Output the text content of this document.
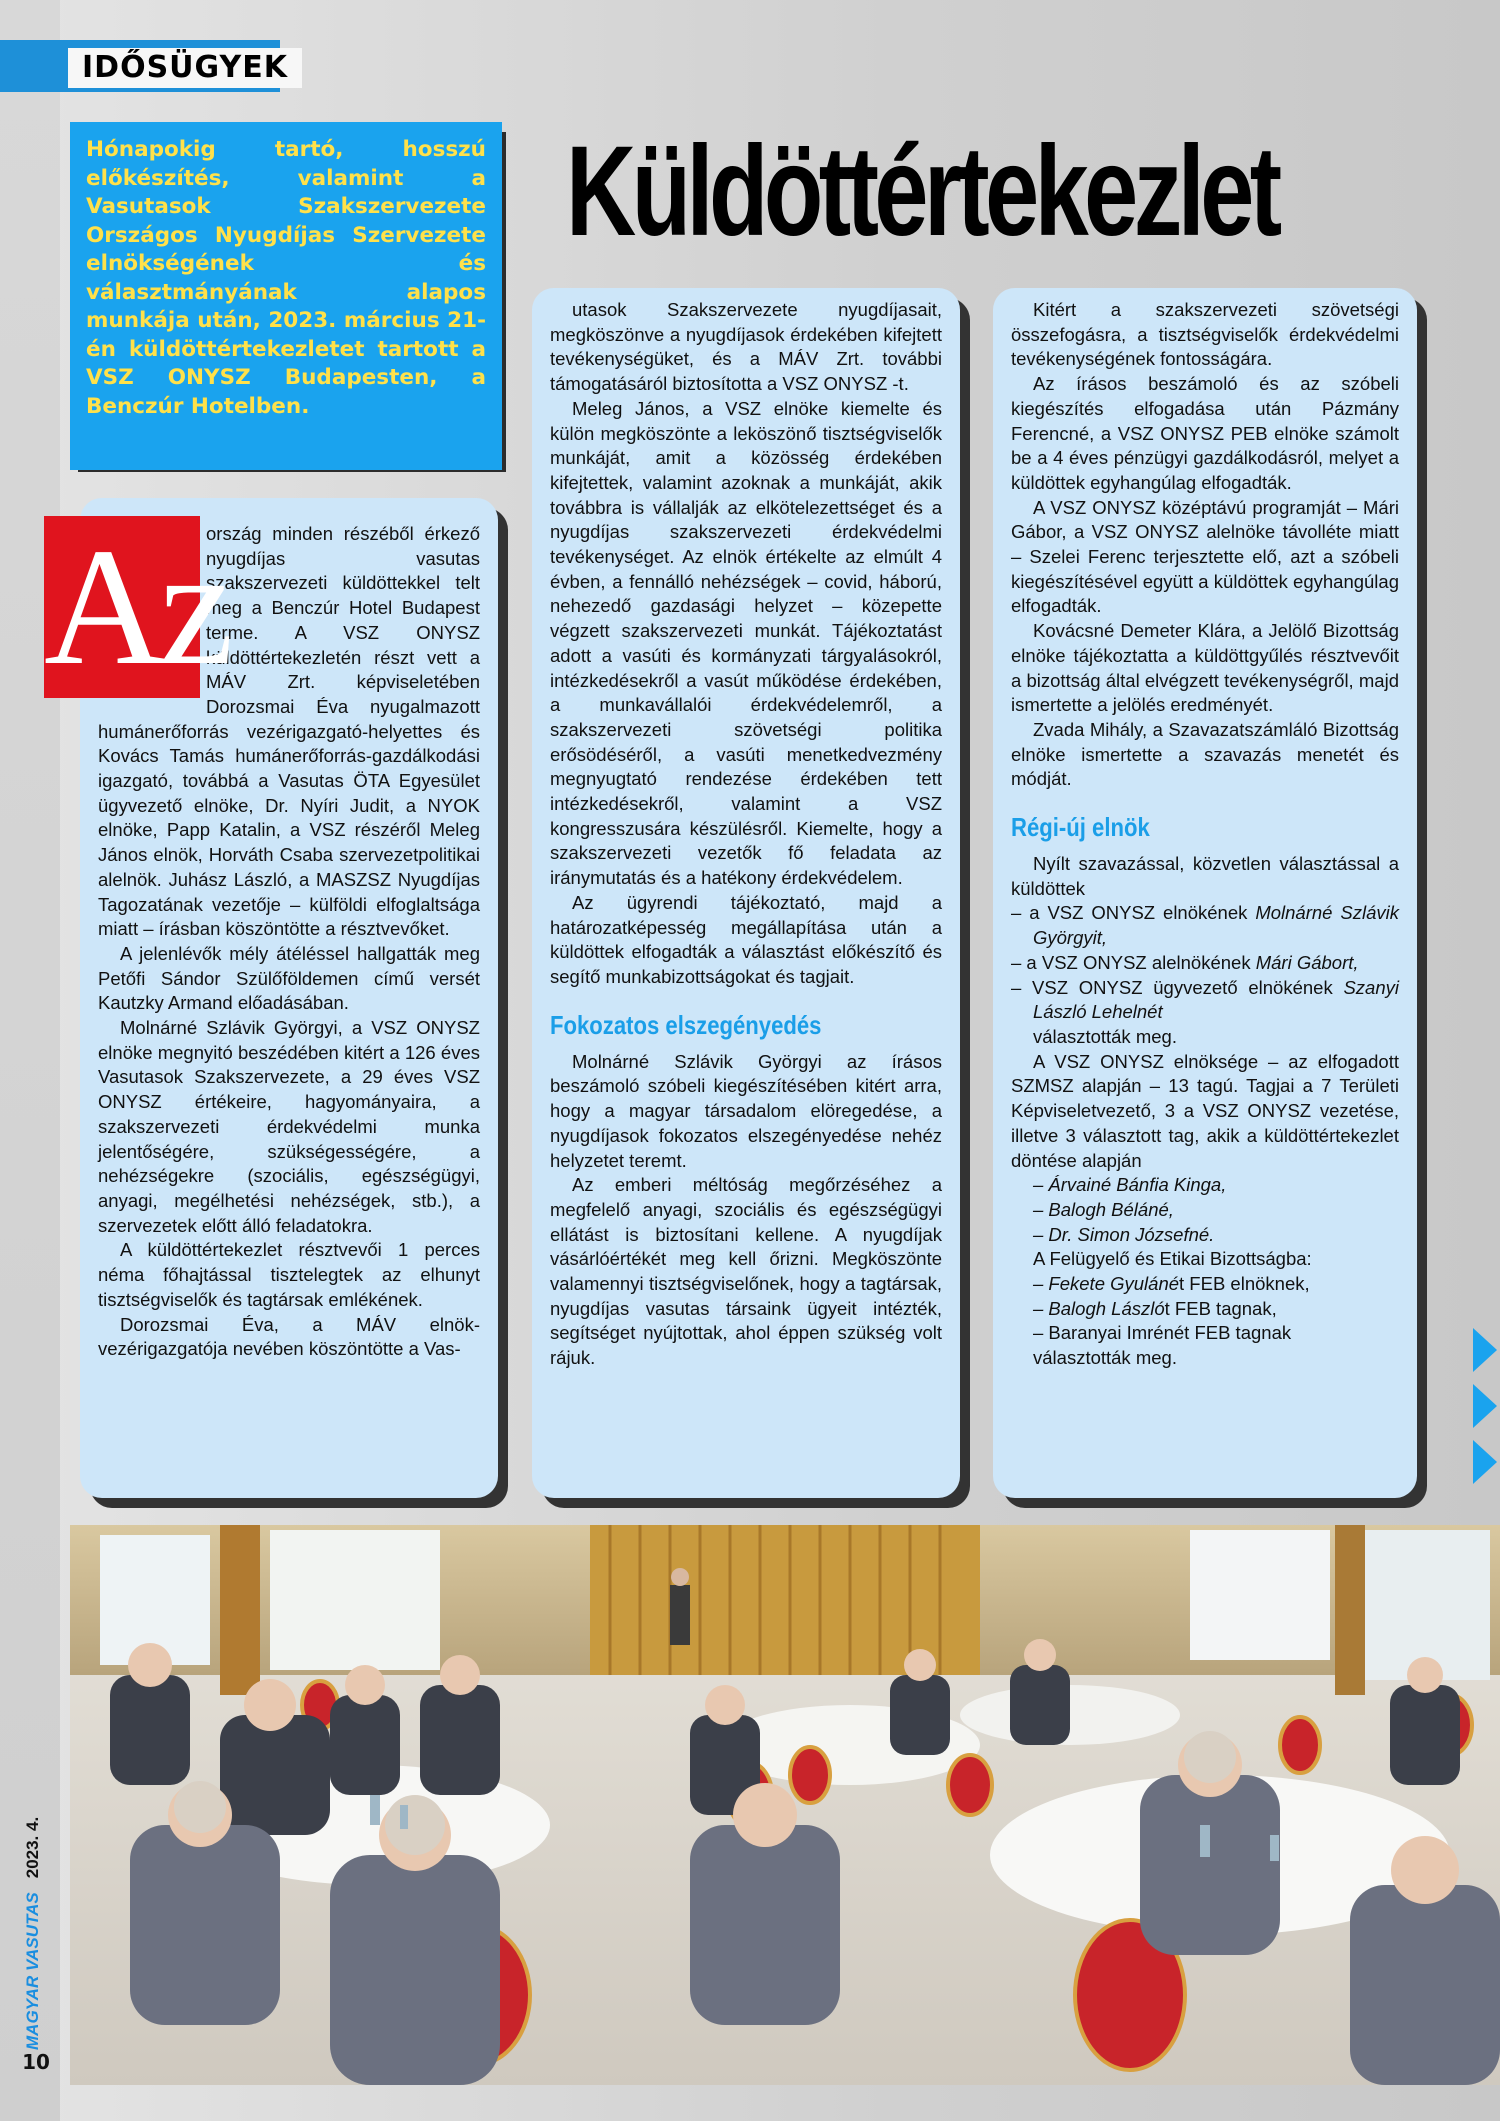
IDŐSÜGYEK

Hónapokig tartó, hosszú előkészítés, valamint a Vasutasok Szakszervezete Országos Nyugdíjas Szervezete elnökségének és választmányának alapos munkája után, 2023. március 21-én küldöttértekezletet tartott a VSZ ONYSZ Budapesten, a Benczúr Hotelben.

Küldöttértekezlet

ország minden részéből érkező nyugdíjas vasutas szakszervezeti küldöttekkel telt meg a Benczúr Hotel Budapest terme. A VSZ ONYSZ küldöttértekezletén részt vett a MÁV Zrt. képviseletében Dorozsmai Éva nyugalmazott humánerőforrás vezérigazgató-helyettes és Kovács Tamás humánerőforrás-gazdálkodási igazgató, továbbá a Vasutas ÖTA Egyesület ügyvezető elnöke, Dr. Nyíri Judit, a NYOK elnöke, Papp Katalin, a VSZ részéről Meleg János elnök, Horváth Csaba szervezetpolitikai alelnök. Juhász László, a MASZSZ Nyugdíjas Tagozatának vezetője – külföldi elfoglaltsága miatt – írásban köszöntötte a résztvevőket.

A jelenlévők mély átéléssel hallgatták meg Petőfi Sándor Szülőföldemen című versét Kautzky Armand előadásában.

Molnárné Szlávik Györgyi, a VSZ ONYSZ elnöke megnyitó beszédében kitért a 126 éves Vasutasok Szakszervezete, a 29 éves VSZ ONYSZ értékeire, hagyományaira, a szakszervezeti érdekvédelmi munka jelentőségére, szükségességére, a nehézségekre (szociális, egészségügyi, anyagi, megélhetési nehézségek, stb.), a szervezetek előtt álló feladatokra.

A küldöttértekezlet résztvevői 1 perces néma főhajtással tisztelegtek az elhunyt tisztségviselők és tagtársak emlékének.

Dorozsmai Éva, a MÁV elnök-vezérigazgatója nevében köszöntötte a Vas-

Az

utasok Szakszervezete nyugdíjasait, megköszönve a nyugdíjasok érdekében kifejtett tevékenységüket, és a MÁV Zrt. további támogatásáról biztosította a VSZ ONYSZ -t.

Meleg János, a VSZ elnöke kiemelte és külön megköszönte a leköszönő tisztségviselők munkáját, amit a közösség érdekében kifejtettek, valamint azoknak a munkáját, akik továbbra is vállalják az elkötelezettséget és a nyugdíjas szakszervezeti érdekvédelmi tevékenységet. Az elnök értékelte az elmúlt 4 évben, a fennálló nehézségek – covid, háború, nehezedő gazdasági helyzet – közepette végzett szakszervezeti munkát. Tájékoztatást adott a vasúti és kormányzati tárgyalásokról, intézkedésekről a vasút működése érdekében, a munkavállalói érdekvédelemről, a szakszervezeti szövetségi politika erősödéséről, a vasúti menetkedvezmény megnyugtató rendezése érdekében tett intézkedésekről, valamint a VSZ kongresszusára készülésről. Kiemelte, hogy a szakszervezeti vezetők fő feladata az iránymutatás és a hatékony érdekvédelem.

Az ügyrendi tájékoztató, majd a határozatképesség megállapítása után a küldöttek elfogadták a választást előkészítő és segítő munkabizottságokat és tagjait.

Fokozatos elszegényedés

Molnárné Szlávik Györgyi az írásos beszámoló szóbeli kiegészítésében kitért arra, hogy a magyar társadalom elöregedése, a nyugdíjasok fokozatos elszegényedése nehéz helyzetet teremt.

Az emberi méltóság megőrzéséhez a megfelelő anyagi, szociális és egészségügyi ellátást is biztosítani kellene. A nyugdíjak vásárlóértékét meg kell őrizni. Megköszönte valamennyi tisztségviselőnek, hogy a tagtársak, nyugdíjas vasutas társaink ügyeit intézték, segítséget nyújtottak, ahol éppen szükség volt rájuk.

Kitért a szakszervezeti szövetségi összefogásra, a tisztségviselők érdekvédelmi tevékenységének fontosságára.

Az írásos beszámoló és az szóbeli kiegészítés elfogadása után Pázmány Ferencné, a VSZ ONYSZ PEB elnöke számolt be a 4 éves pénzügyi gazdálkodásról, melyet a küldöttek egyhangúlag elfogadták.

A VSZ ONYSZ középtávú programját – Mári Gábor, a VSZ ONYSZ alelnöke távolléte miatt – Szelei Ferenc terjesztette elő, azt a szóbeli kiegészítésével együtt a küldöttek egyhangúlag elfogadták.

Kovácsné Demeter Klára, a Jelölő Bizottság elnöke tájékoztatta a küldöttgyűlés résztvevőit a bizottság által elvégzett tevékenységről, majd ismertette a jelölés eredményét.

Zvada Mihály, a Szavazatszámláló Bizottság elnöke ismertette a szavazás menetét és módját.

Régi-új elnök

Nyílt szavazással, közvetlen választással a küldöttek

– a VSZ ONYSZ elnökének Molnárné Szlávik Györgyit,

– a VSZ ONYSZ alelnökének Mári Gábort,

– VSZ ONYSZ ügyvezető elnökének Szanyi László Lehelnét

választották meg.

A VSZ ONYSZ elnöksége – az elfogadott SZMSZ alapján – 13 tagú. Tagjai a 7 Területi Képviseletvezető, 3 a VSZ ONYSZ vezetése, illetve 3 választott tag, akik a küldöttértekezlet döntése alapján

– Árvainé Bánfia Kinga,

– Balogh Béláné,

– Dr. Simon Józsefné.

A Felügyelő és Etikai Bizottságba:

– Fekete Gyulánét FEB elnöknek,

– Balogh Lászlót FEB tagnak,

– Baranyai Imrénét FEB tagnak

választották meg.

MAGYAR VASUTAS2023. 4.
10
